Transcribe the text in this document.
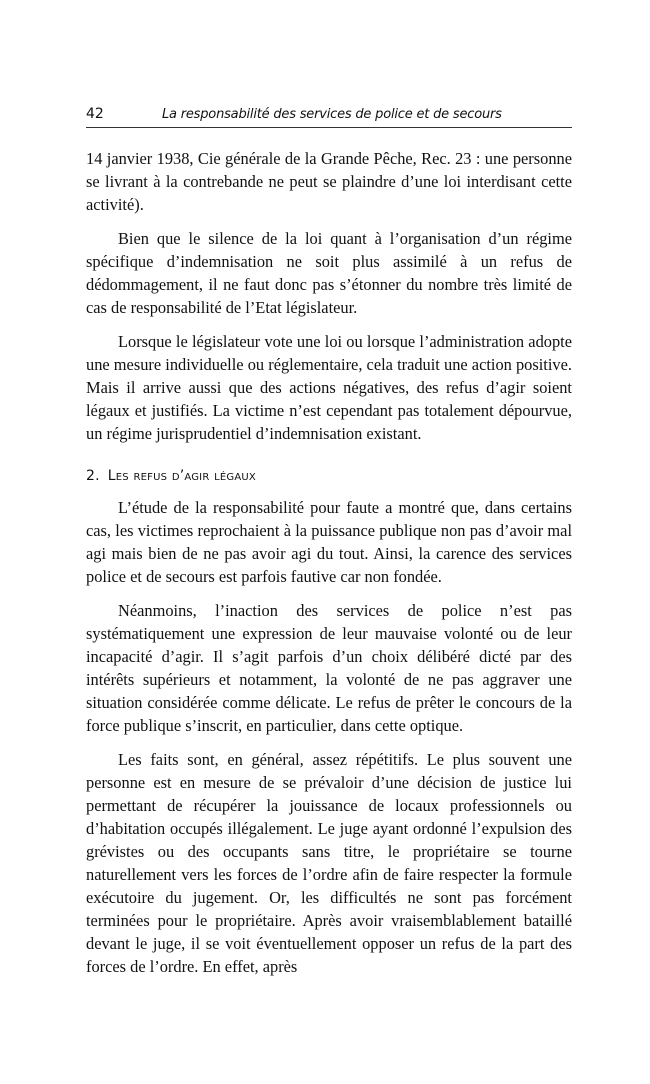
42	La responsabilité des services de police et de secours

14 janvier 1938, Cie générale de la Grande Pêche, Rec. 23 : une personne se livrant à la contrebande ne peut se plaindre d’une loi interdisant cette activité).

Bien que le silence de la loi quant à l’organisation d’un régime spécifique d’indemnisation ne soit plus assimilé à un refus de dédommagement, il ne faut donc pas s’étonner du nombre très limité de cas de responsabilité de l’Etat législateur.

Lorsque le législateur vote une loi ou lorsque l’administration adopte une mesure individuelle ou réglementaire, cela traduit une action positive. Mais il arrive aussi que des actions négatives, des refus d’agir soient légaux et justifiés. La victime n’est cependant pas totalement dépourvue, un régime jurisprudentiel d’indemnisation existant.

2. Les refus d’agir légaux

L’étude de la responsabilité pour faute a montré que, dans certains cas, les victimes reprochaient à la puissance publique non pas d’avoir mal agi mais bien de ne pas avoir agi du tout. Ainsi, la carence des services police et de secours est parfois fautive car non fondée.

Néanmoins, l’inaction des services de police n’est pas systématiquement une expression de leur mauvaise volonté ou de leur incapacité d’agir. Il s’agit parfois d’un choix délibéré dicté par des intérêts supérieurs et notamment, la volonté de ne pas aggraver une situation considérée comme délicate. Le refus de prêter le concours de la force publique s’inscrit, en particulier, dans cette optique.

Les faits sont, en général, assez répétitifs. Le plus souvent une personne est en mesure de se prévaloir d’une décision de justice lui permettant de récupérer la jouissance de locaux professionnels ou d’habitation occupés illégalement. Le juge ayant ordonné l’expulsion des grévistes ou des occupants sans titre, le propriétaire se tourne naturellement vers les forces de l’ordre afin de faire respecter la formule exécutoire du jugement. Or, les difficultés ne sont pas forcément terminées pour le propriétaire. Après avoir vraisemblablement bataillé devant le juge, il se voit éventuellement opposer un refus de la part des forces de l’ordre. En effet, après
